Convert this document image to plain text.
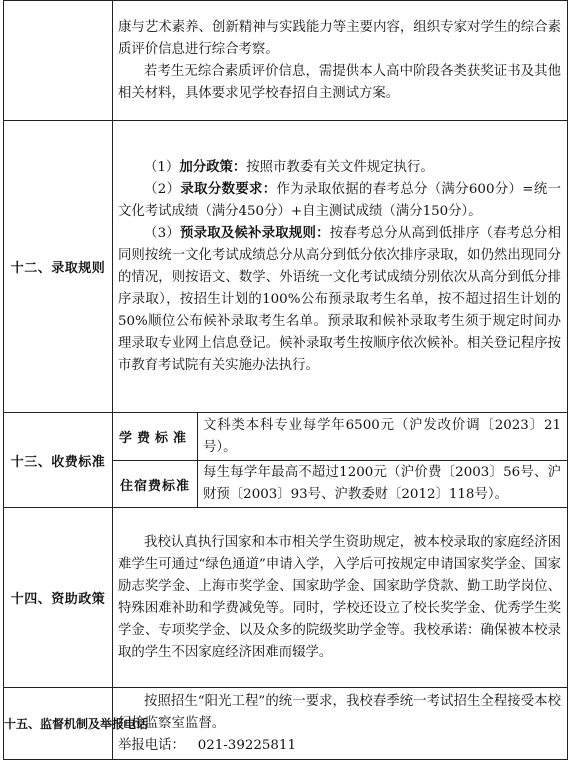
	康与艺术素养、创新精神与实践能力等主要内容，组织专家对学生的综合素质评价信息进行综合考察。

若考生无综合素质评价信息，需提供本人高中阶段各类获奖证书及其他相关材料，具体要求见学校春招自主测试方案。	

十二、录取规则	（1）加分政策：按照市教委有关文件规定执行。

（2）录取分数要求：作为录取依据的春考总分（满分600分）=统一文化考试成绩（满分450分）+自主测试成绩（满分150分）。

（3）预录取及候补录取规则：按春考总分从高到低排序（春考总分相同则按统一文化考试成绩总分从高分到低分依次排序录取，如仍然出现同分的情况，则按语文、数学、外语统一文化考试成绩分别依次从高分到低分排序录取），按招生计划的100%公布预录取考生名单，按不超过招生计划的50%顺位公布候补录取考生名单。预录取和候补录取考生须于规定时间办理录取专业网上信息登记。候补录取考生按顺序依次候补。相关登记程序按市教育考试院有关实施办法执行。	

十三、收费标准	学费标准	文科类本科专业每学年6500元（沪发改价调〔2023〕21号）。

	住宿费标准	每生每学年最高不超过1200元（沪价费〔2003〕56号、沪财预〔2003〕93号、沪教委财〔2012〕118号）。

十四、资助政策	我校认真执行国家和本市相关学生资助规定，被本校录取的家庭经济困难学生可通过“绿色通道”申请入学，入学后可按规定申请国家奖学金、国家励志奖学金、上海市奖学金、国家助学金、国家助学贷款、勤工助学岗位、特殊困难补助和学费减免等。同时，学校还设立了校长奖学金、优秀学生奖学金、专项奖学金、以及众多的院级奖助学金等。我校承诺：确保被本校录取的学生不因家庭经济困难而辍学。	

十五、监督机制及举报电话	按照招生“阳光工程”的统一要求，我校春季统一考试招生全程接受本校纪检监察室监督。

举报电话：   021-39225811	
